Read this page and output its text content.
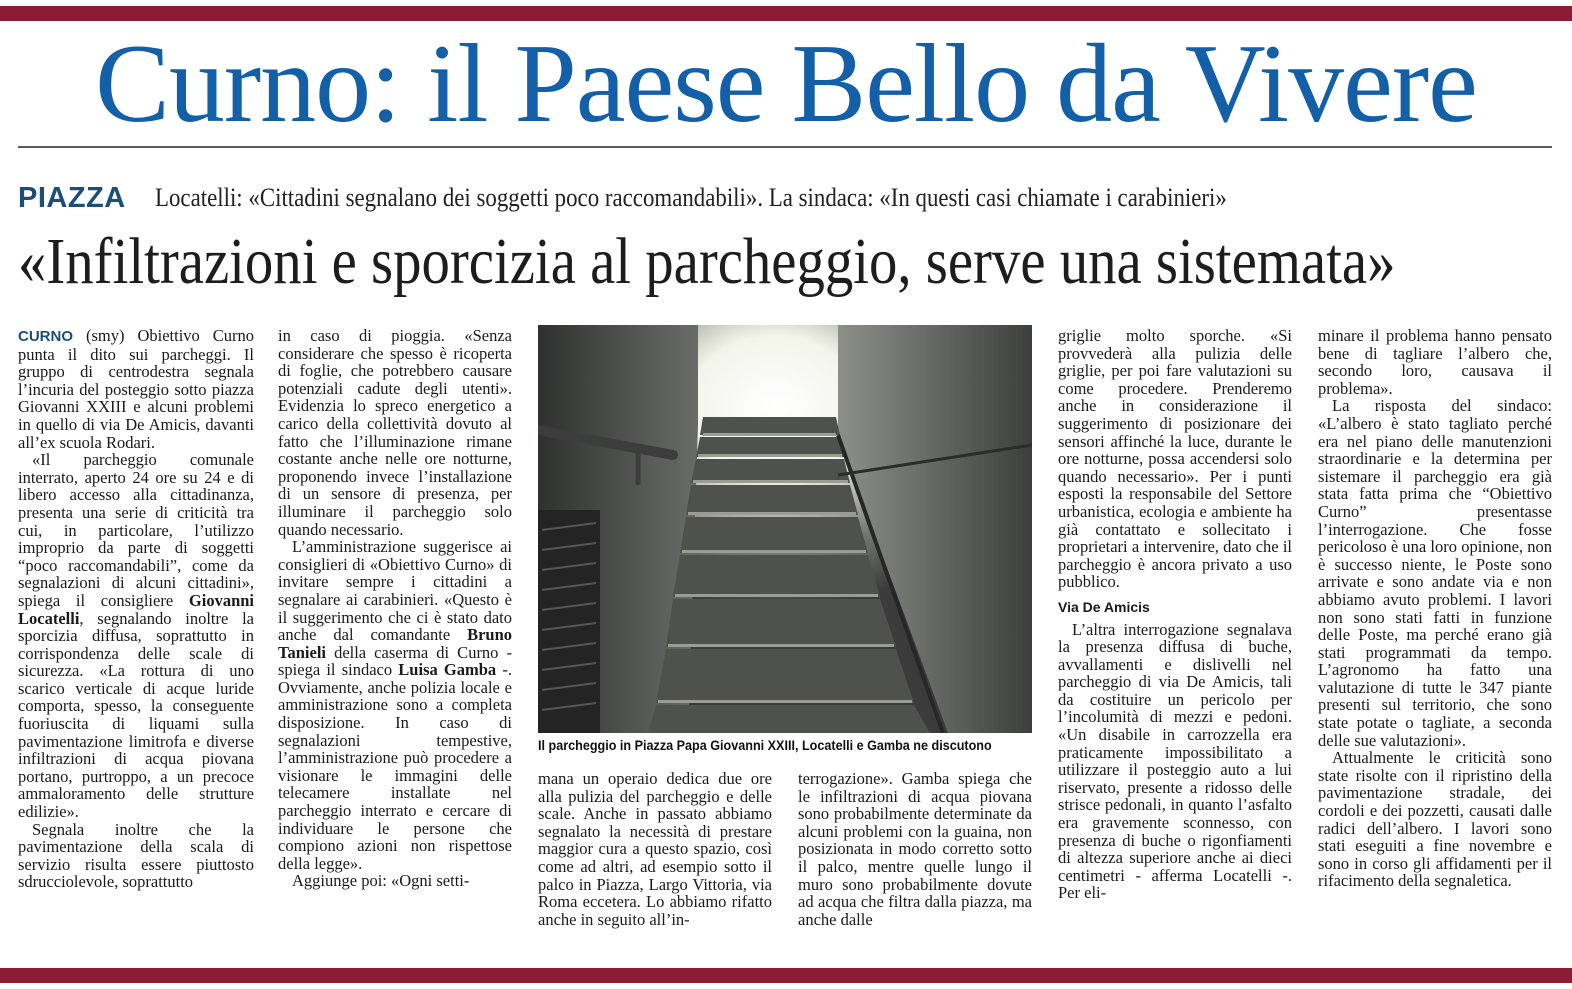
Curno: il Paese Bello da Vivere
PIAZZA Locatelli: «Cittadini segnalano dei soggetti poco raccomandabili». La sindaca: «In questi casi chiamate i carabinieri»
«Infiltrazioni e sporcizia al parcheggio, serve una sistemata»

CURNO (smy) Obiettivo Curno punta il dito sui parcheggi. Il gruppo di centrodestra segnala l’incuria del posteggio sotto piazza Giovanni XXIII e alcuni problemi in quello di via De Amicis, davanti all’ex scuola Rodari.

«Il parcheggio comunale interrato, aperto 24 ore su 24 e di libero accesso alla cittadinanza, presenta una serie di criticità tra cui, in particolare, l’utilizzo improprio da parte di soggetti “poco raccomandabili”, come da segnalazioni di alcuni cittadini», spiega il consigliere Giovanni Locatelli, segnalando inoltre la sporcizia diffusa, soprattutto in corrispondenza delle scale di sicurezza. «La rottura di uno scarico verticale di acque luride comporta, spesso, la conseguente fuoriuscita di liquami sulla pavimentazione limitrofa e diverse infiltrazioni di acqua piovana portano, purtroppo, a un precoce ammaloramento delle strutture edilizie».

Segnala inoltre che la pavimentazione della scala di servizio risulta essere piuttosto sdrucciolevole, soprattutto

in caso di pioggia. «Senza considerare che spesso è ricoperta di foglie, che potrebbero causare potenziali cadute degli utenti». Evidenzia lo spreco energetico a carico della collettività dovuto al fatto che l’illuminazione rimane costante anche nelle ore notturne, proponendo invece l’installazione di un sensore di presenza, per illuminare il parcheggio solo quando necessario.

L’amministrazione suggerisce ai consiglieri di «Obiettivo Curno» di invitare sempre i cittadini a segnalare ai carabinieri. «Questo è il suggerimento che ci è stato dato anche dal comandante Bruno Tanieli della caserma di Curno - spiega il sindaco Luisa Gamba -. Ovviamente, anche polizia locale e amministrazione sono a completa disposizione. In caso di segnalazioni tempestive, l’amministrazione può procedere a visionare le immagini delle telecamere installate nel parcheggio interrato e cercare di individuare le persone che compiono azioni non rispettose della legge».

Aggiunge poi: «Ogni setti-

Il parcheggio in Piazza Papa Giovanni XXIII, Locatelli e Gamba ne discutono

mana un operaio dedica due ore alla pulizia del parcheggio e delle scale. Anche in passato abbiamo segnalato la necessità di prestare maggior cura a questo spazio, così come ad altri, ad esempio sotto il palco in Piazza, Largo Vittoria, via Roma eccetera. Lo abbiamo rifatto anche in seguito all’in-

terrogazione». Gamba spiega che le infiltrazioni di acqua piovana sono probabilmente determinate da alcuni problemi con la guaina, non posizionata in modo corretto sotto il palco, mentre quelle lungo il muro sono probabilmente dovute ad acqua che filtra dalla piazza, ma anche dalle

griglie molto sporche. «Si provvederà alla pulizia delle griglie, per poi fare valutazioni su come procedere. Prenderemo anche in considerazione il suggerimento di posizionare dei sensori affinché la luce, durante le ore notturne, possa accendersi solo quando necessario». Per i punti esposti la responsabile del Settore urbanistica, ecologia e ambiente ha già contattato e sollecitato i proprietari a intervenire, dato che il parcheggio è ancora privato a uso pubblico.

Via De Amicis

L’altra interrogazione segnalava la presenza diffusa di buche, avvallamenti e dislivelli nel parcheggio di via De Amicis, tali da costituire un pericolo per l’incolumità di mezzi e pedoni. «Un disabile in carrozzella era praticamente impossibilitato a utilizzare il posteggio auto a lui riservato, presente a ridosso delle strisce pedonali, in quanto l’asfalto era gravemente sconnesso, con presenza di buche o rigonfiamenti di altezza superiore anche ai dieci centimetri - afferma Locatelli -. Per eli-

minare il problema hanno pensato bene di tagliare l’albero che, secondo loro, causava il problema».

La risposta del sindaco: «L’albero è stato tagliato perché era nel piano delle manutenzioni straordinarie e la determina per sistemare il parcheggio era già stata fatta prima che “Obiettivo Curno” presentasse l’interrogazione. Che fosse pericoloso è una loro opinione, non è successo niente, le Poste sono arrivate e sono andate via e non abbiamo avuto problemi. I lavori non sono stati fatti in funzione delle Poste, ma perché erano già stati programmati da tempo. L’agronomo ha fatto una valutazione di tutte le 347 piante presenti sul territorio, che sono state potate o tagliate, a seconda delle sue valutazioni».

Attualmente le criticità sono state risolte con il ripristino della pavimentazione stradale, dei cordoli e dei pozzetti, causati dalle radici dell’albero. I lavori sono stati eseguiti a fine novembre e sono in corso gli affidamenti per il rifacimento della segnaletica.
